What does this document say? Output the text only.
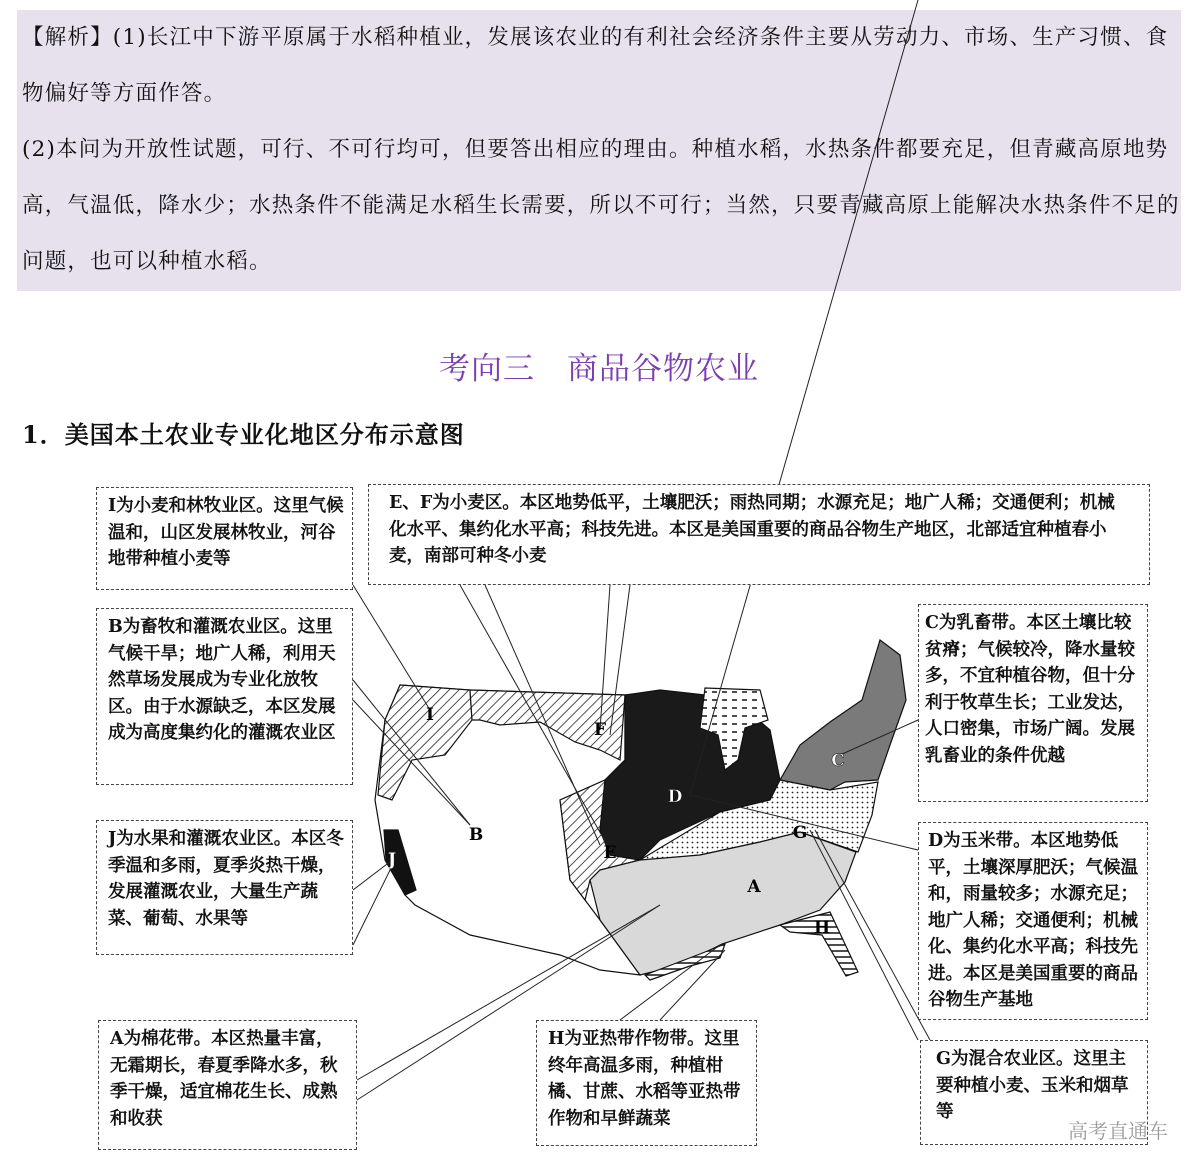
【解析】(1)长江中下游平原属于水稻种植业，发展该农业的有利社会经济条件主要从劳动力、市场、生产习惯、食物偏好等方面作答。

(2)本问为开放性试题，可行、不可行均可，但要答出相应的理由。种植水稻，水热条件都要充足，但青藏高原地势高，气温低，降水少；水热条件不能满足水稻生长需要，所以不可行；当然，只要青藏高原上能解决水热条件不足的问题，也可以种植水稻。

考向三　商品谷物农业
1．美国本土农业专业化地区分布示意图
I
F
D
C
B
E
G
A
H
J
I为小麦和林牧业区。这里气候温和，山区发展林牧业，河谷地带种植小麦等
E、F为小麦区。本区地势低平，土壤肥沃；雨热同期；水源充足；地广人稀；交通便利；机械化水平、集约化水平高；科技先进。本区是美国重要的商品谷物生产地区，北部适宜种植春小麦，南部可种冬小麦
B为畜牧和灌溉农业区。这里气候干旱；地广人稀，利用天然草场发展成为专业化放牧区。由于水源缺乏，本区发展成为高度集约化的灌溉农业区
J为水果和灌溉农业区。本区冬季温和多雨，夏季炎热干燥，发展灌溉农业，大量生产蔬菜、葡萄、水果等
C为乳畜带。本区土壤比较贫瘠；气候较冷，降水量较多，不宜种植谷物，但十分利于牧草生长；工业发达，人口密集，市场广阔。发展乳畜业的条件优越
D为玉米带。本区地势低平，土壤深厚肥沃；气候温和，雨量较多；水源充足；地广人稀；交通便利；机械化、集约化水平高；科技先进。本区是美国重要的商品谷物生产基地
A为棉花带。本区热量丰富，无霜期长，春夏季降水多，秋季干燥，适宜棉花生长、成熟和收获
H为亚热带作物带。这里终年高温多雨，种植柑橘、甘蔗、水稻等亚热带作物和早鲜蔬菜
G为混合农业区。这里主要种植小麦、玉米和烟草等
高考直通车
